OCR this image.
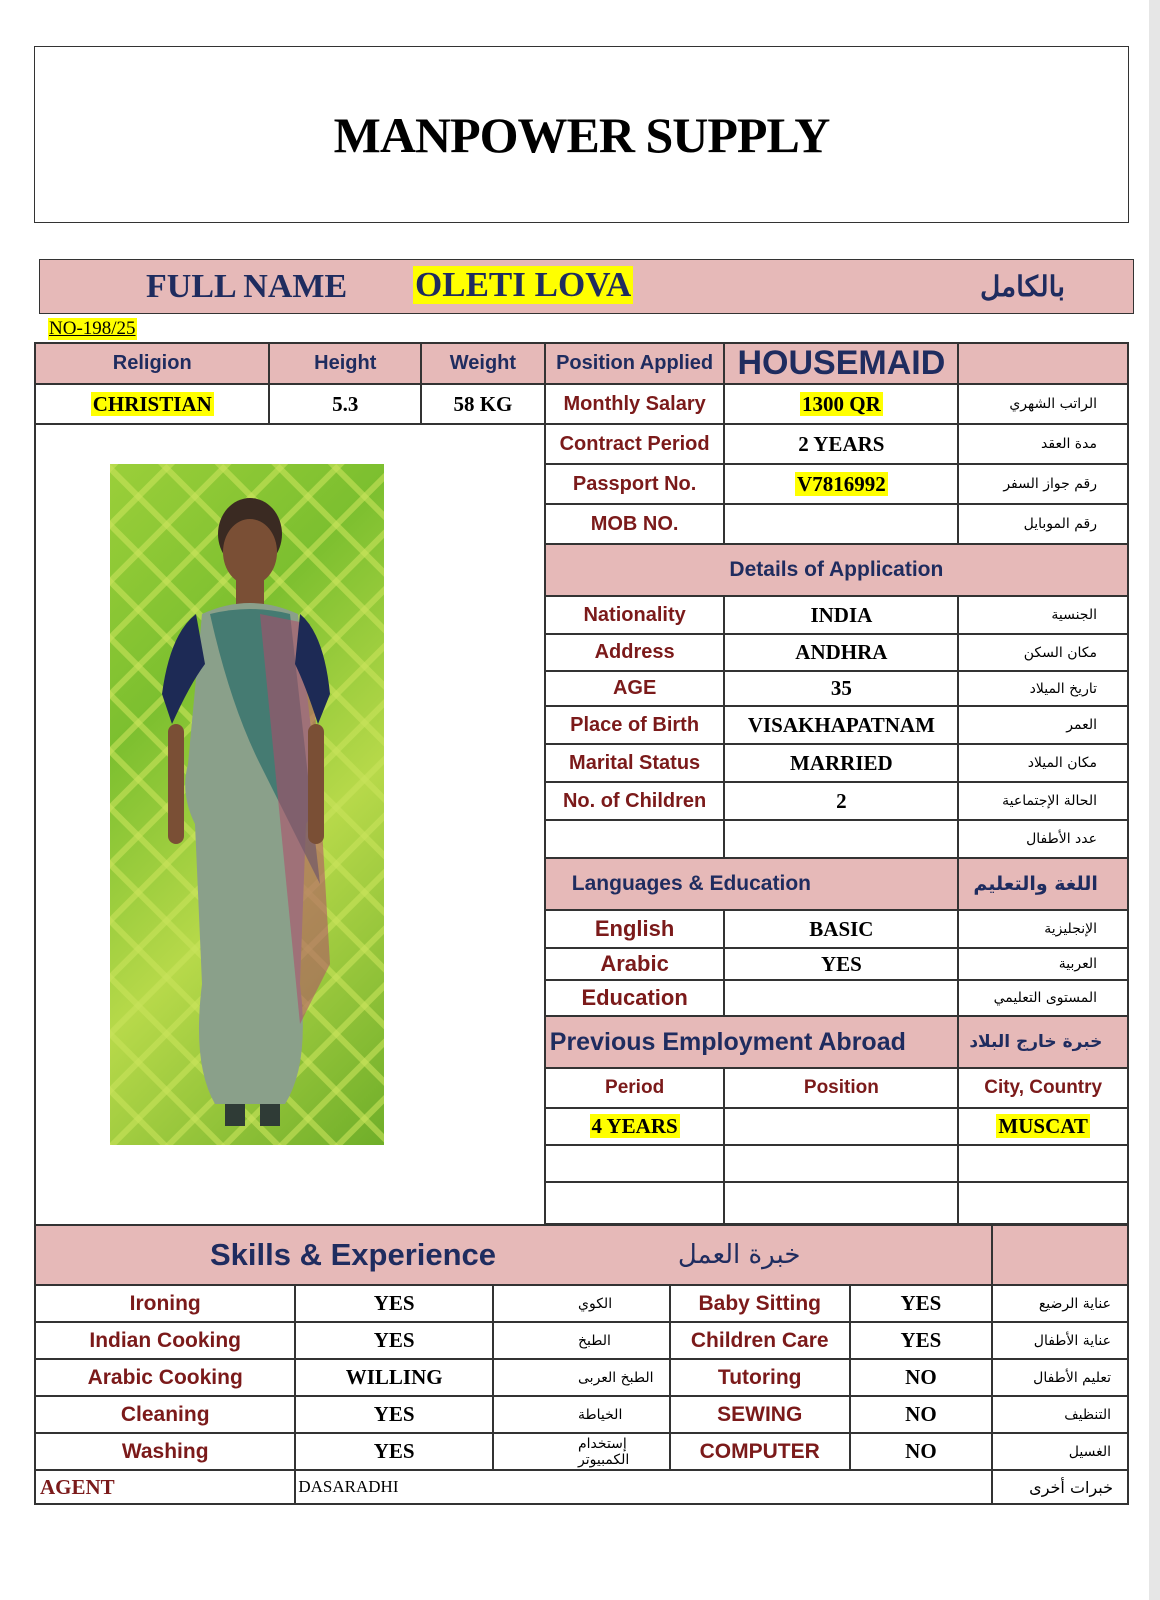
MANPOWER SUPPLY
FULL NAME OLETI LOVA	بالكامل
NO-198/25
Religion	Height	Weight	Position Applied	HOUSEMAID	
CHRISTIAN	5.3	58 KG	Monthly Salary	1300 QR	الراتب الشهري
			Contract Period	2 YEARS	مدة العقد
			Passport No.	V7816992	رقم جواز السفر
			MOB NO.		رقم الموبايل
			Details of Application		
			Nationality	INDIA	الجنسية
			Address	ANDHRA	مكان السكن
			AGE	35	تاريخ الميلاد
			Place of Birth	VISAKHAPATNAM	العمر
			Marital Status	MARRIED	مكان الميلاد
			No. of Children	2	الحالة الإجتماعية
					عدد الأطفال
			Languages & Education		اللغة والتعليم
			English	BASIC	الإنجليزية
			Arabic	YES	العربية
			Education		المستوى التعليمي
			Previous Employment Abroad		خبرة خارج البلاد
			Period	Position	City, Country
			4 YEARS		MUSCAT

Skills & Experience			خبرة العمل		
Ironing	YES	الكوي	Baby Sitting	YES	عناية الرضيع
Indian Cooking	YES	الطبخ	Children Care	YES	عناية الأطفال
Arabic Cooking	WILLING	الطبخ العربى	Tutoring	NO	تعليم الأطفال
Cleaning	YES	الخياطة	SEWING	NO	التنظيف
Washing	YES	إستخدام الكمبيوتر	COMPUTER	NO	الغسيل
AGENT	DASARADHI				خبرات أخرى
